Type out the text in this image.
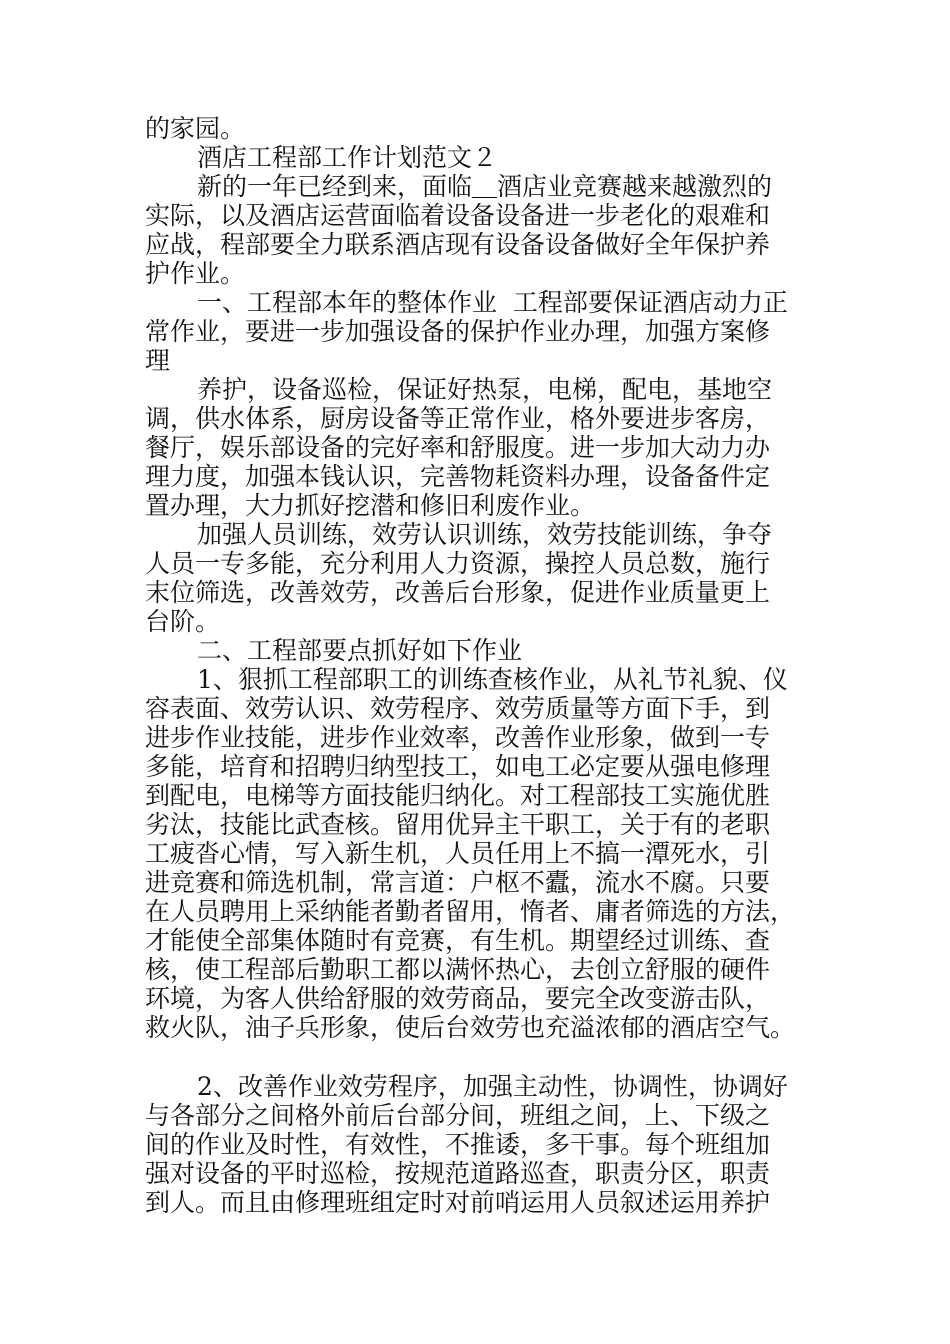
的家园。
酒店工程部工作计划范文２
新的一年已经到来，面临＿酒店业竞赛越来越激烈的
实际，以及酒店运营面临着设备设备进一步老化的艰难和
应战，程部要全力联系酒店现有设备设备做好全年保护养
护作业。
一、工程部本年的整体作业  工程部要保证酒店动力正
常作业，要进一步加强设备的保护作业办理，加强方案修
理
养护，设备巡检，保证好热泵，电梯，配电，基地空
调，供水体系，厨房设备等正常作业，格外要进步客房，
餐厅，娱乐部设备的完好率和舒服度。进一步加大动力办
理力度，加强本钱认识，完善物耗资料办理，设备备件定
置办理，大力抓好挖潜和修旧利废作业。
加强人员训练，效劳认识训练，效劳技能训练，争夺
人员一专多能，充分利用人力资源，操控人员总数，施行
末位筛选，改善效劳，改善后台形象，促进作业质量更上
台阶。
二、工程部要点抓好如下作业
1、狠抓工程部职工的训练查核作业，从礼节礼貌、仪
容表面、效劳认识、效劳程序、效劳质量等方面下手，到
进步作业技能，进步作业效率，改善作业形象，做到一专
多能，培育和招聘归纳型技工，如电工必定要从强电修理
到配电，电梯等方面技能归纳化。对工程部技工实施优胜
劣汰，技能比武查核。留用优异主干职工，关于有的老职
工疲沓心情，写入新生机，人员任用上不搞一潭死水，引
进竞赛和筛选机制，常言道：户枢不蠹，流水不腐。只要
在人员聘用上采纳能者勤者留用，惰者、庸者筛选的方法，
才能使全部集体随时有竞赛，有生机。期望经过训练、查
核，使工程部后勤职工都以满怀热心，去创立舒服的硬件
环境，为客人供给舒服的效劳商品，要完全改变游击队，
救火队，油子兵形象，使后台效劳也充溢浓郁的酒店空气。
2、改善作业效劳程序，加强主动性，协调性，协调好
与各部分之间格外前后台部分间，班组之间，上、下级之
间的作业及时性，有效性，不推诿，多干事。每个班组加
强对设备的平时巡检，按规范道路巡查，职责分区，职责
到人。而且由修理班组定时对前哨运用人员叙述运用养护
